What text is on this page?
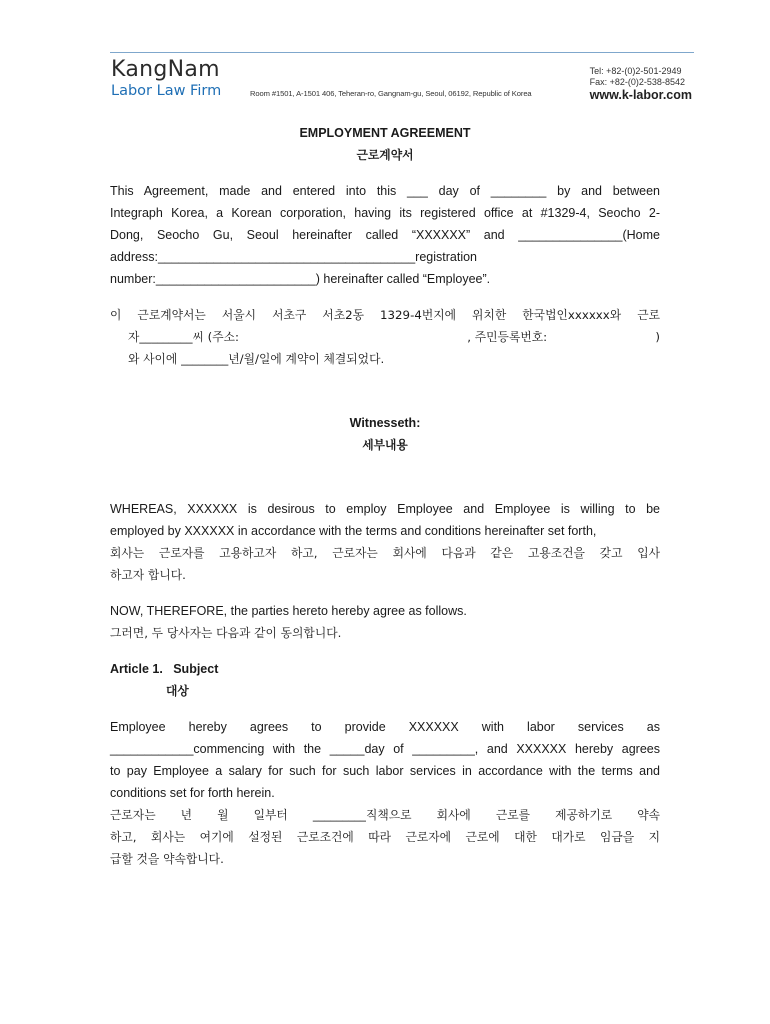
KangNam
Labor Law Firm	Room #1501, A-1501 406, Teheran-ro, Gangnam-gu, Seoul, 06192, Republic of Korea
Tel: +82-(0)2-501-2949
Fax: +82-(0)2-538-8542
www.k-labor.com
EMPLOYMENT AGREEMENT
근로계약서
This Agreement, made and entered into this ___ day of ________ by and between
Integraph Korea, a Korean corporation, having its registered office at #1329-4, Seocho 2-
Dong, Seocho Gu, Seoul hereinafter called “XXXXXX” and _______________(Home
address:_____________________________________registration
number:_______________________) hereinafter called “Employee”.
이 근로계약서는 서울시 서초구 서초2동 1329-4번지에 위치한 한국법인xxxxxx와 근로
자_________씨 (주소:	, 주민등록번호:	)
와 사이에 ________년/월/일에 계약이 체결되었다.
Witnesseth:
세부내용
WHEREAS, XXXXXX is desirous to employ Employee and Employee is willing to be
employed by XXXXXX in accordance with the terms and conditions hereinafter set forth,
회사는 근로자를 고용하고자 하고, 근로자는 회사에 다음과 같은 고용조건을 갖고 입사
하고자 합니다.
NOW, THEREFORE, the parties hereto hereby agree as follows.
그러면, 두 당사자는 다음과 같이 동의합니다.
Article 1.   Subject
대상
Employee hereby agrees to provide XXXXXX with labor services as
____________commencing with the _____day of _________, and XXXXXX hereby agrees
to pay Employee a salary for such for such labor services in accordance with the terms and
conditions set for forth herein.
근로자는 년 월 일부터 _________직책으로 회사에 근로를 제공하기로 약속
하고, 회사는 여기에 설정된 근로조건에 따라 근로자에 근로에 대한 대가로 임금을 지
급할 것을 약속합니다.
